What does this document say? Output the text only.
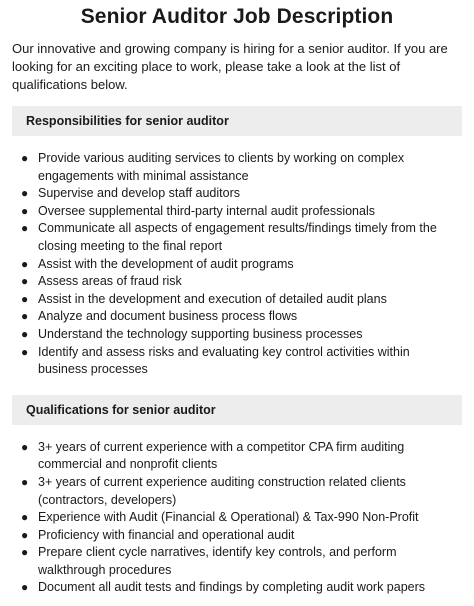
Senior Auditor Job Description

Our innovative and growing company is hiring for a senior auditor. If you are looking for an exciting place to work, please take a look at the list of qualifications below.

Responsibilities for senior auditor
● Provide various auditing services to clients by working on complex engagements with minimal assistance
● Supervise and develop staff auditors
● Oversee supplemental third-party internal audit professionals
● Communicate all aspects of engagement results/findings timely from the closing meeting to the final report
● Assist with the development of audit programs
● Assess areas of fraud risk
● Assist in the development and execution of detailed audit plans
● Analyze and document business process flows
● Understand the technology supporting business processes
● Identify and assess risks and evaluating key control activities within business processes
Qualifications for senior auditor
● 3+ years of current experience with a competitor CPA firm auditing commercial and nonprofit clients
● 3+ years of current experience auditing construction related clients (contractors, developers)
● Experience with Audit (Financial & Operational) & Tax-990 Non-Profit
● Proficiency with financial and operational audit
● Prepare client cycle narratives, identify key controls, and perform walkthrough procedures
● Document all audit tests and findings by completing audit work papers
